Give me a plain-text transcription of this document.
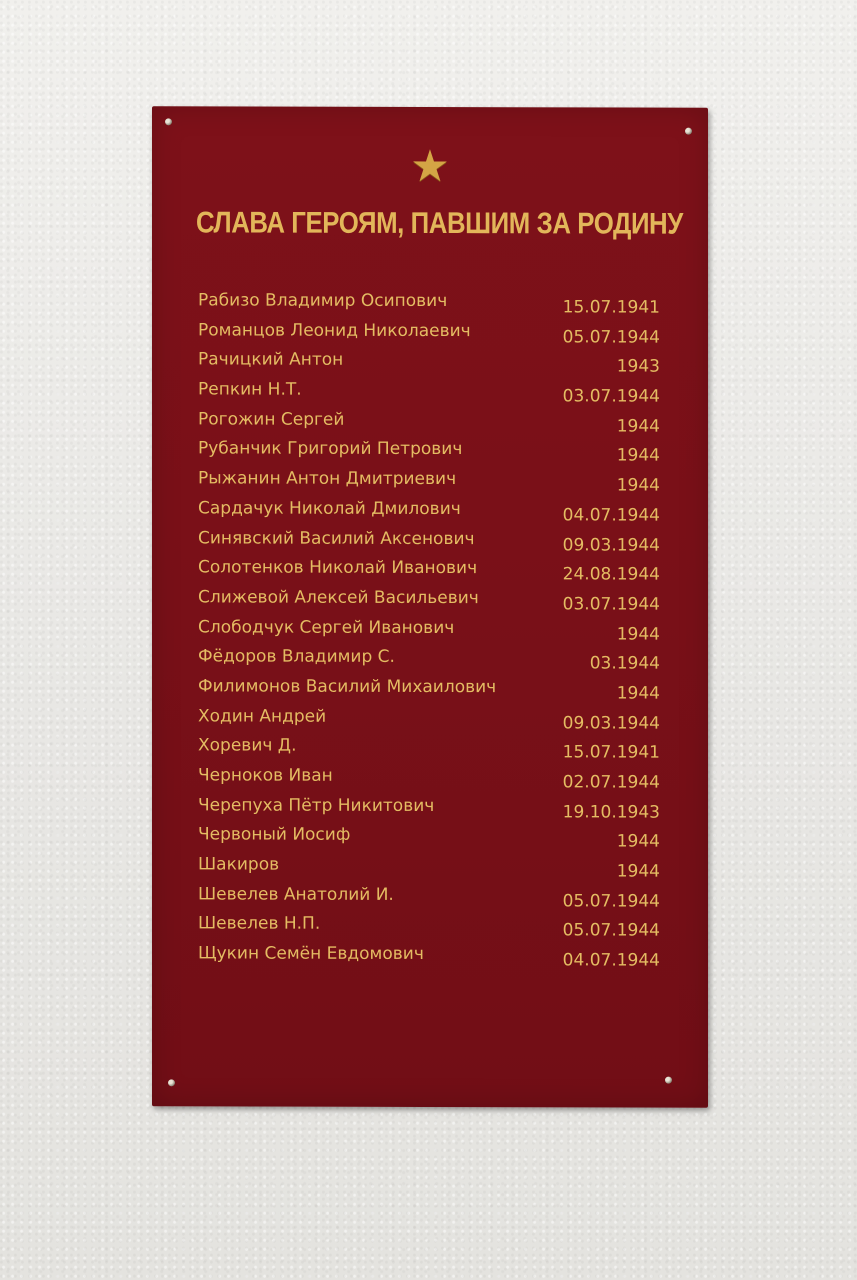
★
СЛАВА ГЕРОЯМ, ПАВШИМ ЗА РОДИНУ
Рабизо Владимир Осипович	15.07.1941
Романцов Леонид Николаевич	05.07.1944
Рачицкий Антон	1943
Репкин Н.Т.	03.07.1944
Рогожин Сергей	1944
Рубанчик Григорий Петрович	1944
Рыжанин Антон Дмитриевич	1944
Сардачук Николай Дмилович	04.07.1944
Синявский Василий Аксенович	09.03.1944
Солотенков Николай Иванович	24.08.1944
Слижевой Алексей Васильевич	03.07.1944
Слободчук Сергей Иванович	1944
Фёдоров Владимир С.	03.1944
Филимонов Василий Михаилович	1944
Ходин Андрей	09.03.1944
Хоревич Д.	15.07.1941
Черноков Иван	02.07.1944
Черепуха Пётр Никитович	19.10.1943
Червоный Иосиф	1944
Шакиров	1944
Шевелев Анатолий И.	05.07.1944
Шевелев Н.П.	05.07.1944
Щукин Семён Евдомович	04.07.1944
